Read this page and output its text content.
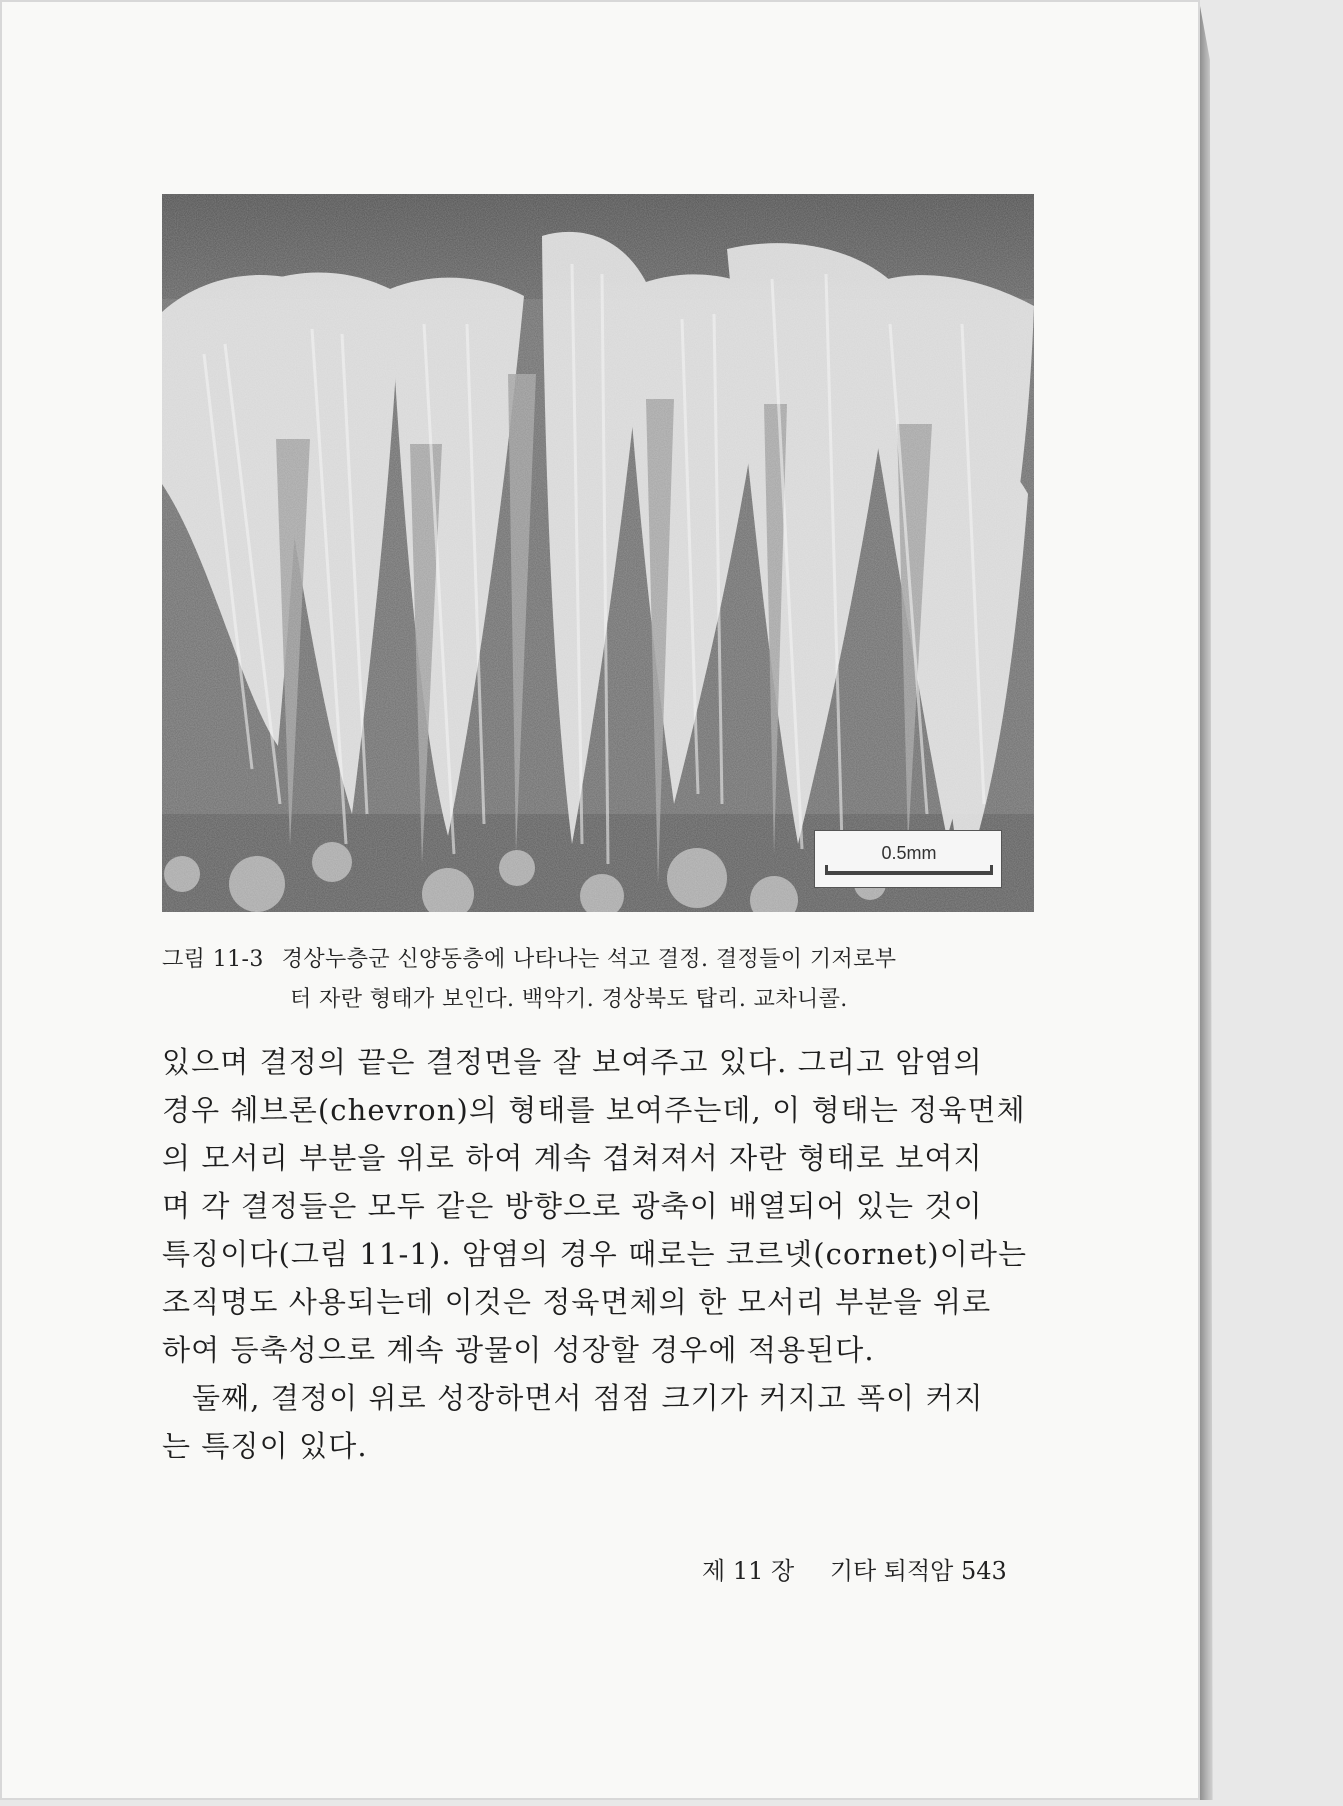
0.5mm
그림 11-3 경상누층군 신양동층에 나타나는 석고 결정. 결정들이 기저로부
터 자란 형태가 보인다. 백악기. 경상북도 탑리. 교차니콜.
있으며 결정의 끝은 결정면을 잘 보여주고 있다. 그리고 암염의
경우 쉐브론(chevron)의 형태를 보여주는데, 이 형태는 정육면체
의 모서리 부분을 위로 하여 계속 겹쳐져서 자란 형태로 보여지
며 각 결정들은 모두 같은 방향으로 광축이 배열되어 있는 것이
특징이다(그림 11-1). 암염의 경우 때로는 코르넷(cornet)이라는
조직명도 사용되는데 이것은 정육면체의 한 모서리 부분을 위로
하여 등축성으로 계속 광물이 성장할 경우에 적용된다.
둘째, 결정이 위로 성장하면서 점점 크기가 커지고 폭이 커지
는 특징이 있다.
제 11 장 기타 퇴적암 543
